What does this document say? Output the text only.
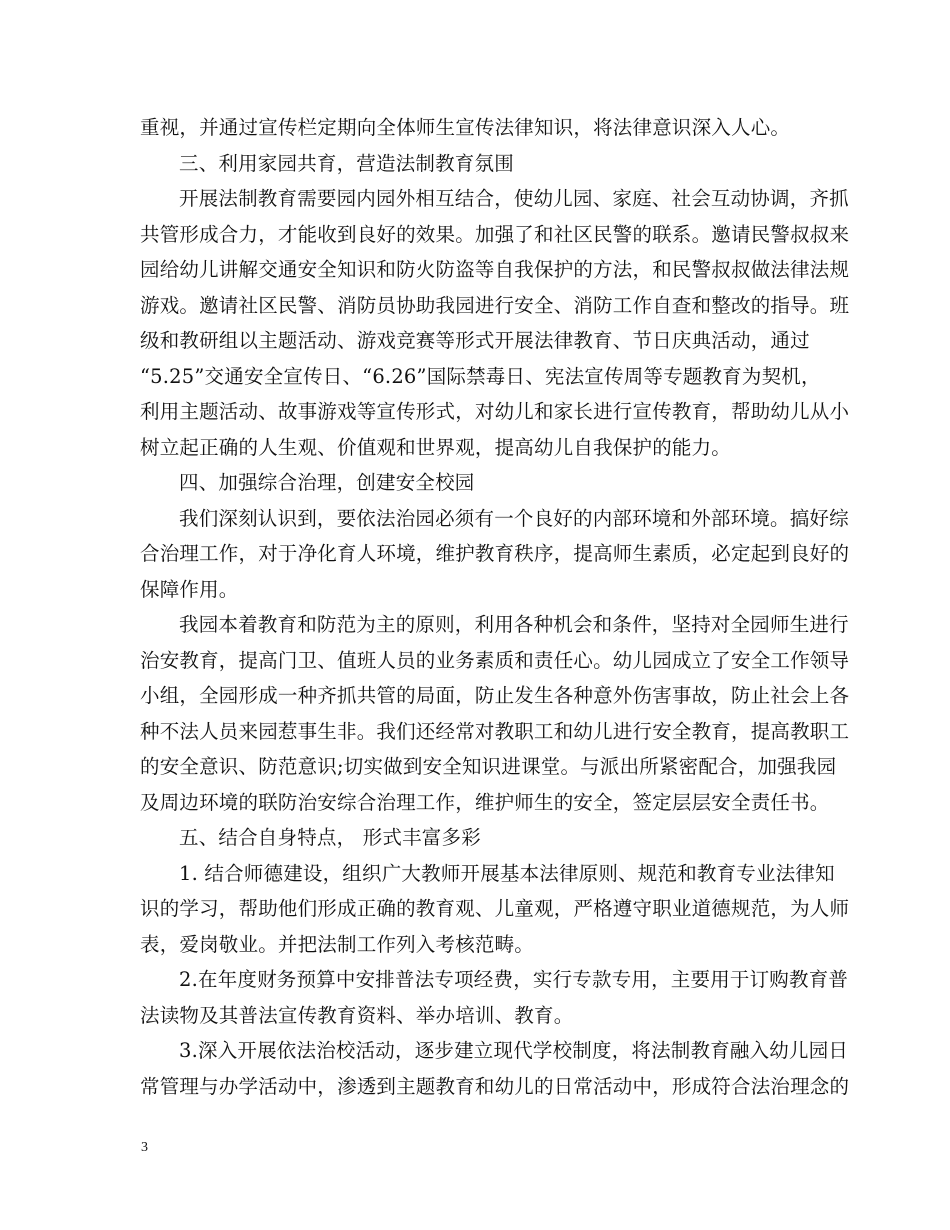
重视，并通过宣传栏定期向全体师生宣传法律知识，将法律意识深入人心。
三、利用家园共育，营造法制教育氛围
开展法制教育需要园内园外相互结合，使幼儿园、家庭、社会互动协调，齐抓
共管形成合力，才能收到良好的效果。加强了和社区民警的联系。邀请民警叔叔来
园给幼儿讲解交通安全知识和防火防盗等自我保护的方法，和民警叔叔做法律法规
游戏。邀请社区民警、消防员协助我园进行安全、消防工作自查和整改的指导。班
级和教研组以主题活动、游戏竞赛等形式开展法律教育、节日庆典活动，通过
“5.25”交通安全宣传日、“6.26”国际禁毒日、宪法宣传周等专题教育为契机，
利用主题活动、故事游戏等宣传形式，对幼儿和家长进行宣传教育，帮助幼儿从小
树立起正确的人生观、价值观和世界观，提高幼儿自我保护的能力。
四、加强综合治理，创建安全校园
我们深刻认识到，要依法治园必须有一个良好的内部环境和外部环境。搞好综
合治理工作，对于净化育人环境，维护教育秩序，提高师生素质，必定起到良好的
保障作用。
我园本着教育和防范为主的原则，利用各种机会和条件，坚持对全园师生进行
治安教育，提高门卫、值班人员的业务素质和责任心。幼儿园成立了安全工作领导
小组，全园形成一种齐抓共管的局面，防止发生各种意外伤害事故，防止社会上各
种不法人员来园惹事生非。我们还经常对教职工和幼儿进行安全教育，提高教职工
的安全意识、防范意识;切实做到安全知识进课堂。与派出所紧密配合，加强我园
及周边环境的联防治安综合治理工作，维护师生的安全，签定层层安全责任书。
五、结合自身特点， 形式丰富多彩
1. 结合师德建设，组织广大教师开展基本法律原则、规范和教育专业法律知
识的学习，帮助他们形成正确的教育观、儿童观，严格遵守职业道德规范，为人师
表，爱岗敬业。并把法制工作列入考核范畴。
2.在年度财务预算中安排普法专项经费，实行专款专用，主要用于订购教育普
法读物及其普法宣传教育资料、举办培训、教育。
3.深入开展依法治校活动，逐步建立现代学校制度，将法制教育融入幼儿园日
常管理与办学活动中，渗透到主题教育和幼儿的日常活动中，形成符合法治理念的
3
